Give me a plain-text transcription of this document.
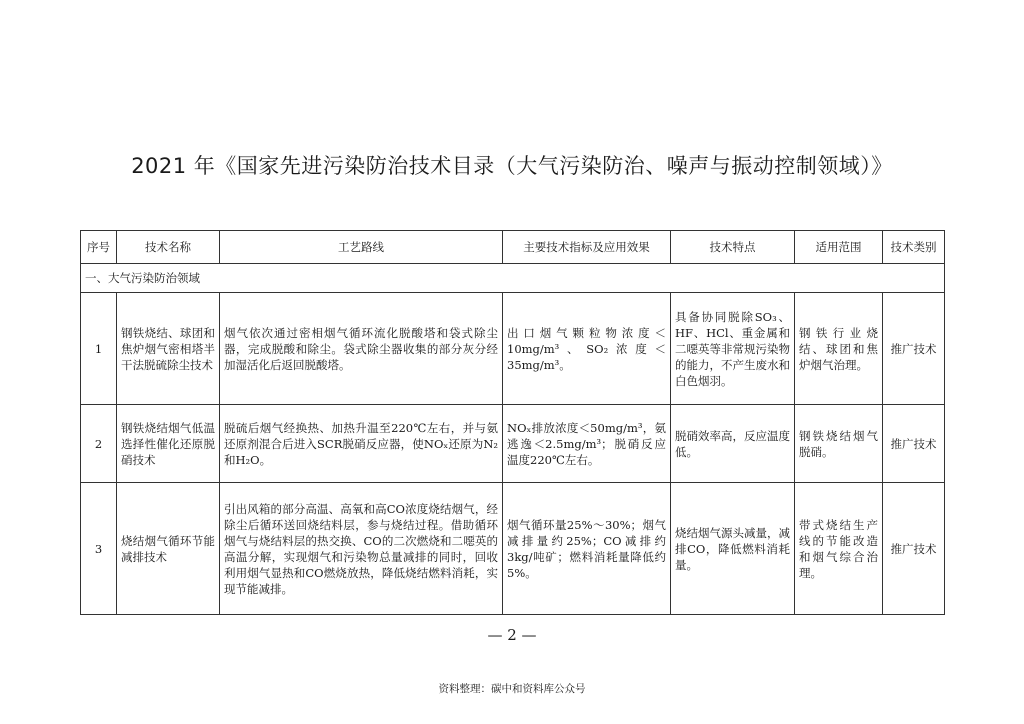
2021 年《国家先进污染防治技术目录（大气污染防治、噪声与振动控制领域）》
序号	技术名称	工艺路线	主要技术指标及应用效果	技术特点	适用范围	技术类别
一、大气污染防治领域						
1	钢铁烧结、球团和焦炉烟气密相塔半干法脱硫除尘技术	烟气依次通过密相烟气循环流化脱酸塔和袋式除尘器，完成脱酸和除尘。袋式除尘器收集的部分灰分经加湿活化后返回脱酸塔。	出口烟气颗粒物浓度＜10mg/m³、SO₂浓度＜35mg/m³。	具备协同脱除SO₃、HF、HCl、重金属和二噁英等非常规污染物的能力，不产生废水和白色烟羽。	钢铁行业烧结、球团和焦炉烟气治理。	推广技术
2	钢铁烧结烟气低温选择性催化还原脱硝技术	脱硫后烟气经换热、加热升温至220℃左右，并与氨还原剂混合后进入SCR脱硝反应器，使NOₓ还原为N₂和H₂O。	NOₓ排放浓度＜50mg/m³，氨逃逸＜2.5mg/m³；脱硝反应温度220℃左右。	脱硝效率高，反应温度低。	钢铁烧结烟气脱硝。	推广技术
3	烧结烟气循环节能减排技术	引出风箱的部分高温、高氧和高CO浓度烧结烟气，经除尘后循环送回烧结料层，参与烧结过程。借助循环烟气与烧结料层的热交换、CO的二次燃烧和二噁英的高温分解，实现烟气和污染物总量减排的同时，回收利用烟气显热和CO燃烧放热，降低烧结燃料消耗，实现节能减排。	烟气循环量25%～30%；烟气减排量约25%；CO减排约3kg/吨矿；燃料消耗量降低约5%。	烧结烟气源头减量，减排CO，降低燃料消耗量。	带式烧结生产线的节能改造和烟气综合治理。	推广技术
— 2 —
资料整理：碳中和资料库公众号
